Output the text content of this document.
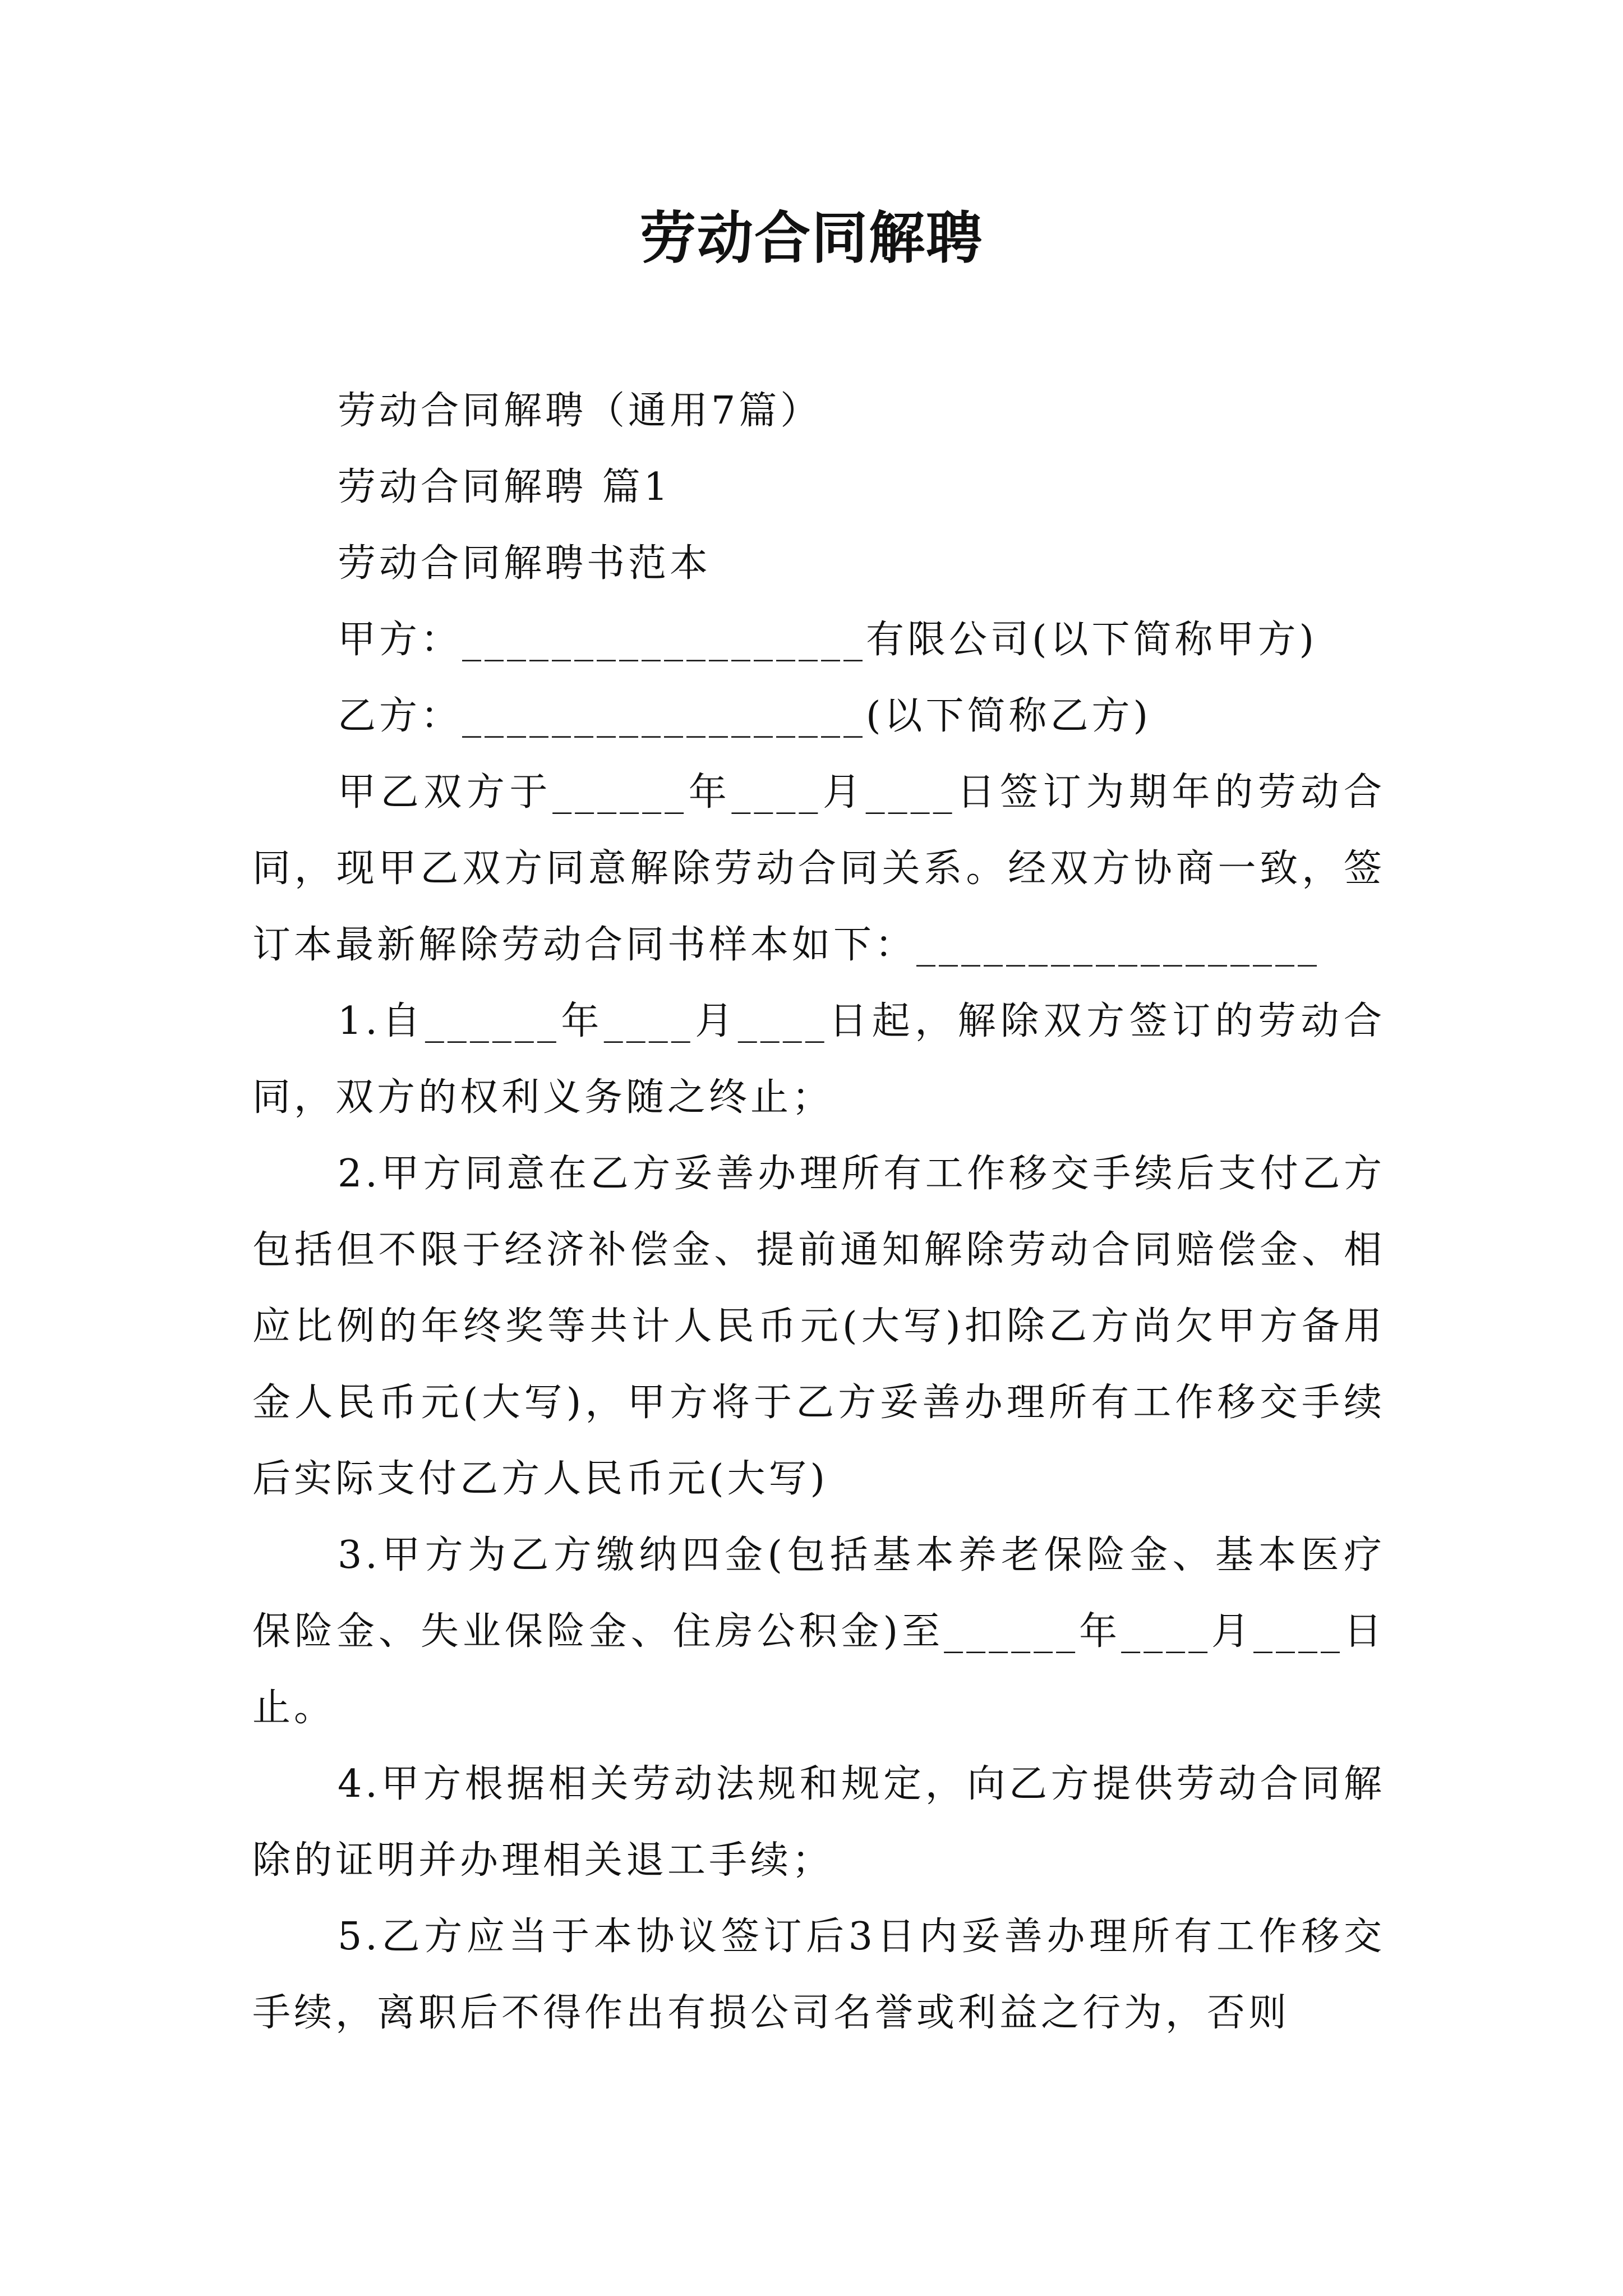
劳动合同解聘

劳动合同解聘（通用7篇）

劳动合同解聘 篇1

劳动合同解聘书范本

甲方：__________________有限公司(以下简称甲方)

乙方：__________________(以下简称乙方)

甲乙双方于______年____月____日签订为期年的劳动合同，现甲乙双方同意解除劳动合同关系。经双方协商一致，签订本最新解除劳动合同书样本如下：__________________

1.自______年____月____日起，解除双方签订的劳动合同，双方的权利义务随之终止；

2.甲方同意在乙方妥善办理所有工作移交手续后支付乙方包括但不限于经济补偿金、提前通知解除劳动合同赔偿金、相应比例的年终奖等共计人民币元(大写)扣除乙方尚欠甲方备用金人民币元(大写)，甲方将于乙方妥善办理所有工作移交手续后实际支付乙方人民币元(大写)

3.甲方为乙方缴纳四金(包括基本养老保险金、基本医疗保险金、失业保险金、住房公积金)至______年____月____日止。

4.甲方根据相关劳动法规和规定，向乙方提供劳动合同解除的证明并办理相关退工手续；

5.乙方应当于本协议签订后3日内妥善办理所有工作移交手续，离职后不得作出有损公司名誉或利益之行为，否则
